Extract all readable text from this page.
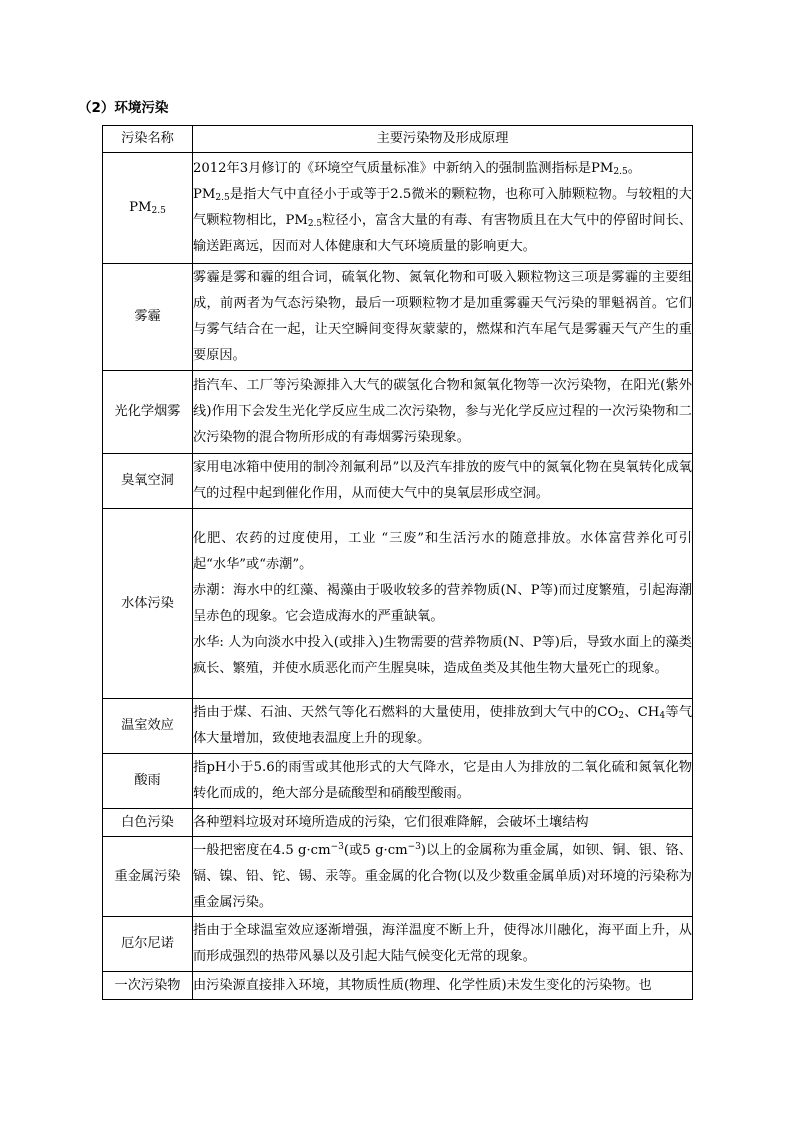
（2）环境污染
污染名称	主要污染物及形成原理
$PM_{2.5}$	2012年3月修订的《环境空气质量标准》中新纳入的强制监测指标是$PM_{2.5}$。

$PM_{2.5}$是指大气中直径小于或等于2.5微米的颗粒物，也称可入肺颗粒物。与较粗的大气颗粒物相比，$PM_{2.5}$粒径小，富含大量的有毒、有害物质且在大气中的停留时间长、输送距离远，因而对人体健康和大气环境质量的影响更大。

雾霾	雾霾是雾和霾的组合词，硫氧化物、氮氧化物和可吸入颗粒物这三项是雾霾的主要组成，前两者为气态污染物，最后一项颗粒物才是加重雾霾天气污染的罪魁祸首。它们与雾气结合在一起，让天空瞬间变得灰蒙蒙的，燃煤和汽车尾气是雾霾天气产生的重要原因。
光化学烟雾	指汽车、工厂等污染源排入大气的碳氢化合物和氮氧化物等一次污染物，在阳光(紫外线)作用下会发生光化学反应生成二次污染物，参与光化学反应过程的一次污染物和二次污染物的混合物所形成的有毒烟雾污染现象。
臭氧空洞	家用电冰箱中使用的制冷剂氟利昂”以及汽车排放的废气中的氮氧化物在臭氧转化成氧气的过程中起到催化作用，从而使大气中的臭氧层形成空洞。
水体污染	化肥、农药的过度使用，工业 “三废”和生活污水的随意排放。水体富营养化可引起“水华”或“赤潮”。

赤潮：海水中的红藻、褐藻由于吸收较多的营养物质(N、P等)而过度繁殖，引起海潮呈赤色的现象。它会造成海水的严重缺氧。

水华: 人为向淡水中投入(或排入)生物需要的营养物质(N、P等)后，导致水面上的藻类疯长、繁殖，并使水质恶化而产生腥臭味，造成鱼类及其他生物大量死亡的现象。

温室效应	指由于煤、石油、天然气等化石燃料的大量使用，使排放到大气中的$CO_2$、$CH_4$等气体大量增加，致使地表温度上升的现象。
酸雨	指pH小于5.6的雨雪或其他形式的大气降水，它是由人为排放的二氧化硫和氮氧化物转化而成的，绝大部分是硫酸型和硝酸型酸雨。
白色污染	各种塑料垃圾对环境所造成的污染，它们很难降解，会破坏土壤结构
重金属污染	一般把密度在4.5 $g\cdot cm^{-3}$(或5 $g\cdot cm^{-3}$)以上的金属称为重金属，如钡、铜、银、铬、镉、镍、铅、铊、锡、汞等。重金属的化合物(以及少数重金属单质)对环境的污染称为重金属污染。
厄尔尼诺	指由于全球温室效应逐渐增强，海洋温度不断上升，使得冰川融化，海平面上升，从而形成强烈的热带风暴以及引起大陆气候变化无常的现象。
一次污染物	由污染源直接排入环境，其物质性质(物理、化学性质)未发生变化的污染物。也
